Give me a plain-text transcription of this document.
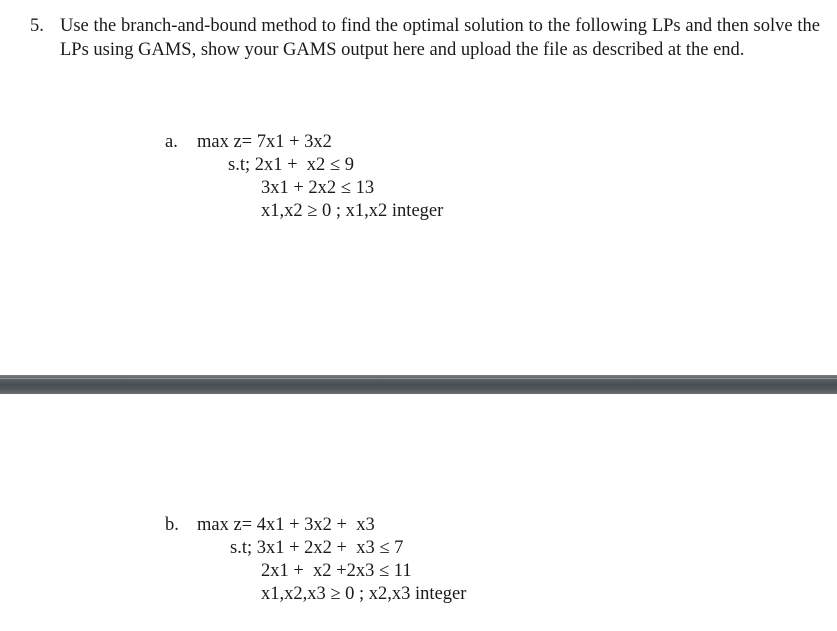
5. Use the branch-and-bound method to find the optimal solution to the following LPs and then solve the LPs using GAMS, show your GAMS output here and upload the file as described at the end.
a. max z= 7x1 + 3x2
s.t; 2x1 +  x2 ≤ 9
3x1 + 2x2 ≤ 13
x1,x2 ≥ 0 ; x1,x2 integer
b. max z= 4x1 + 3x2 +  x3
s.t; 3x1 + 2x2 +  x3 ≤ 7
2x1 +  x2 +2x3 ≤ 11
x1,x2,x3 ≥ 0 ; x2,x3 integer
